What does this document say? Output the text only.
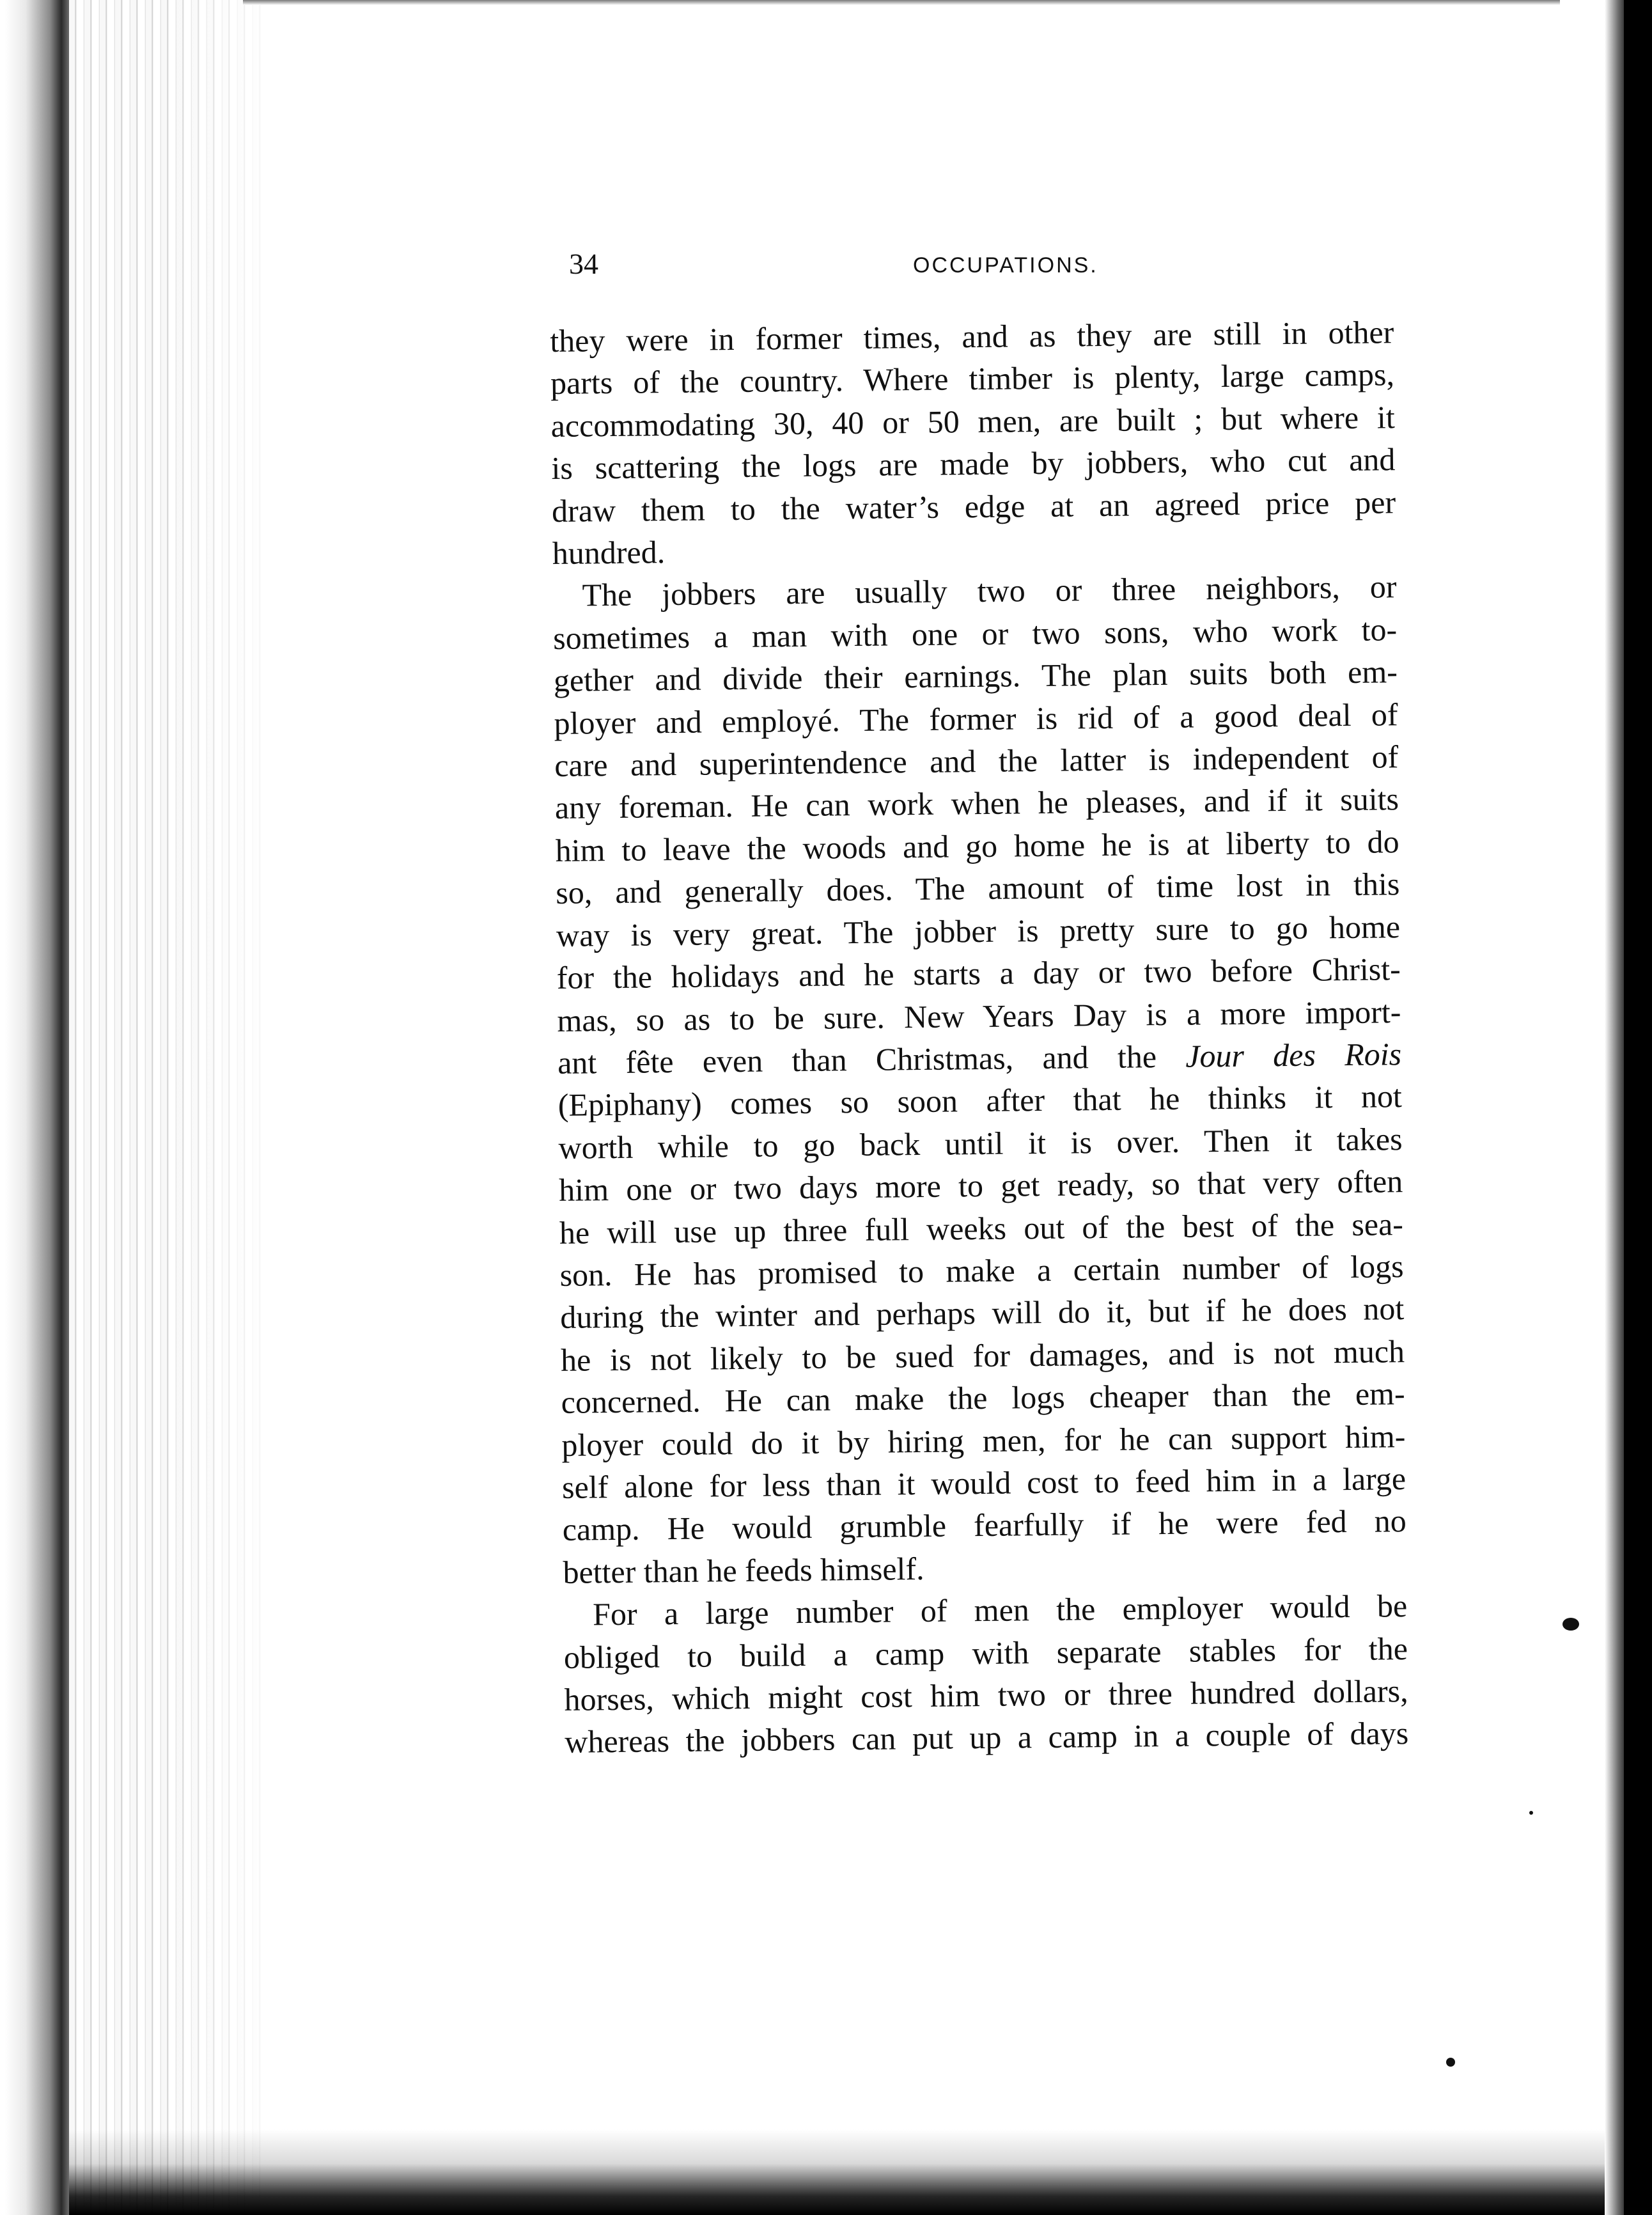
34	OCCUPATIONS.
they were in former times, and as they are still in other
parts of the country. Where timber is plenty, large camps,
accommodating 30, 40 or 50 men, are built ; but where it
is scattering the logs are made by jobbers, who cut and
draw them to the water’s edge at an agreed price per
hundred.
The jobbers are usually two or three neighbors, or
sometimes a man with one or two sons, who work to-
gether and divide their earnings. The plan suits both em-
ployer and employé. The former is rid of a good deal of
care and superintendence and the latter is independent of
any foreman. He can work when he pleases, and if it suits
him to leave the woods and go home he is at liberty to do
so, and generally does. The amount of time lost in this
way is very great. The jobber is pretty sure to go home
for the holidays and he starts a day or two before Christ-
mas, so as to be sure. New Years Day is a more import-
ant fête even than Christmas, and the Jour des Rois
(Epiphany) comes so soon after that he thinks it not
worth while to go back until it is over. Then it takes
him one or two days more to get ready, so that very often
he will use up three full weeks out of the best of the sea-
son. He has promised to make a certain number of logs
during the winter and perhaps will do it, but if he does not
he is not likely to be sued for damages, and is not much
concerned. He can make the logs cheaper than the em-
ployer could do it by hiring men, for he can support him-
self alone for less than it would cost to feed him in a large
camp. He would grumble fearfully if he were fed no
better than he feeds himself.
For a large number of men the employer would be
obliged to build a camp with separate stables for the
horses, which might cost him two or three hundred dollars,
whereas the jobbers can put up a camp in a couple of days
